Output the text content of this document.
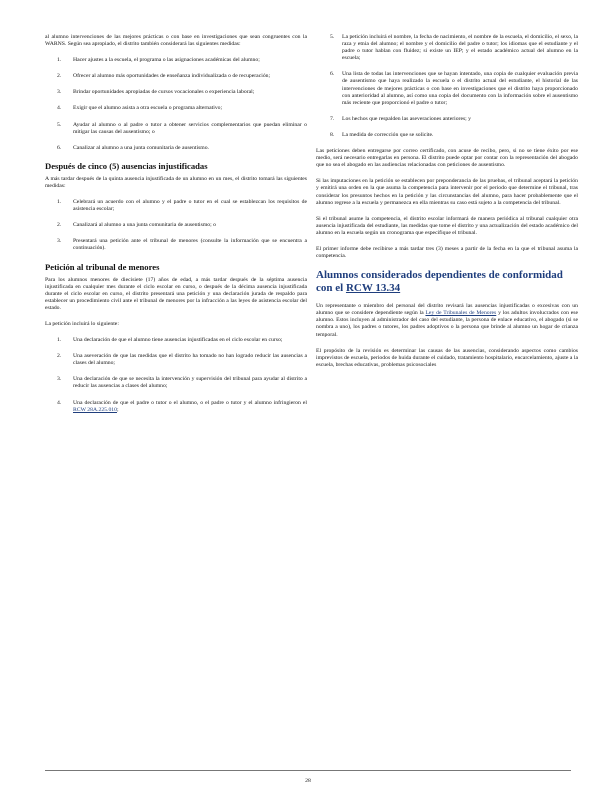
al alumno intervenciones de las mejores prácticas o con base en investigaciones que sean congruentes con la WARNS. Según sea apropiado, el distrito también considerará las siguientes medidas:

1. Hacer ajustes a la escuela, el programa o las asignaciones académicas del alumno;
2. Ofrecer al alumno más oportunidades de enseñanza individualizada o de recuperación;
3. Brindar oportunidades apropiadas de cursos vocacionales o experiencia laboral;
4. Exigir que el alumno asista a otra escuela o programa alternativo;
5. Ayudar al alumno o al padre o tutor a obtener servicios complementarios que puedan eliminar o mitigar las causas del ausentismo; o
6. Canalizar al alumno a una junta comunitaria de ausentismo.
Después de cinco (5) ausencias injustificadas

A más tardar después de la quinta ausencia injustificada de un alumno en un mes, el distrito tomará las siguientes medidas:

1. Celebrará un acuerdo con el alumno y el padre o tutor en el cual se establezcan los requisitos de asistencia escolar;
2. Canalizará al alumno a una junta comunitaria de ausentismo; o
3. Presentará una petición ante el tribunal de menores (consulte la información que se encuentra a continuación).
Petición al tribunal de menores

Para los alumnos menores de diecisiete (17) años de edad, a más tardar después de la séptima ausencia injustificada en cualquier mes durante el ciclo escolar en curso, o después de la décima ausencia injustificada durante el ciclo escolar en curso, el distrito presentará una petición y una declaración jurada de respaldo para establecer un procedimiento civil ante el tribunal de menores por la infracción a las leyes de asistencia escolar del estado.

La petición incluirá lo siguiente:

1. Una declaración de que el alumno tiene ausencias injustificadas en el ciclo escolar en curso;
2. Una aseveración de que las medidas que el distrito ha tomado no han logrado reducir las ausencias a clases del alumno;
3. Una declaración de que se necesita la intervención y supervisión del tribunal para ayudar al distrito a reducir las ausencias a clases del alumno;
4. Una declaración de que el padre o tutor o el alumno, o el padre o tutor y el alumno infringieron el RCW 28A.225.010;
5. La petición incluirá el nombre, la fecha de nacimiento, el nombre de la escuela, el domicilio, el sexo, la raza y etnia del alumno; el nombre y el domicilio del padre o tutor; los idiomas que el estudiante y el padre o tutor hablan con fluidez; si existe un IEP; y el estado académico actual del alumno en la escuela;
6. Una lista de todas las intervenciones que se hayan intentado, una copia de cualquier evaluación previa de ausentismo que haya realizado la escuela o el distrito actual del estudiante, el historial de las intervenciones de mejores prácticas o con base en investigaciones que el distrito haya proporcionado con anterioridad al alumno, así como una copia del documento con la información sobre el ausentismo más reciente que proporcionó el padre o tutor;
7. Los hechos que respalden las aseveraciones anteriores; y
8. La medida de corrección que se solicite.

Las peticiones deben entregarse por correo certificado, con acuse de recibo, pero, si no se tiene éxito por ese medio, será necesario entregarlas en persona. El distrito puede optar por contar con la representación del abogado que no sea el abogado en las audiencias relacionadas con peticiones de ausentismo.

Si las imputaciones en la petición se establecen por preponderancia de las pruebas, el tribunal aceptará la petición y emitirá una orden en la que asuma la competencia para intervenir por el periodo que determine el tribunal, tras considerar los presuntos hechos en la petición y las circunstancias del alumno, para hacer probablemente que el alumno regrese a la escuela y permanezca en ella mientras su caso está sujeto a la competencia del tribunal.

Si el tribunal asume la competencia, el distrito escolar informará de manera periódica al tribunal cualquier otra ausencia injustificada del estudiante, las medidas que tome el distrito y una actualización del estado académico del alumno en la escuela según un cronograma que especifique el tribunal.

El primer informe debe recibirse a más tardar tres (3) meses a partir de la fecha en la que el tribunal asuma la competencia.

Alumnos considerados dependientes de conformidad con el RCW 13.34

Un representante o miembro del personal del distrito revisará las ausencias injustificadas o excesivas con un alumno que se considere dependiente según la Ley de Tribunales de Menores y los adultos involucrados con ese alumno. Estos incluyen al administrador del caso del estudiante, la persona de enlace educativo, el abogado (si se nombra a uno), los padres o tutores, los padres adoptivos o la persona que brinde al alumno un hogar de crianza temporal.

El propósito de la revisión es determinar las causas de las ausencias, considerando aspectos como cambios imprevistos de escuela, periodos de huida durante el cuidado, tratamiento hospitalario, encarcelamiento, ajuste a la escuela, brechas educativas, problemas psicosociales

28
